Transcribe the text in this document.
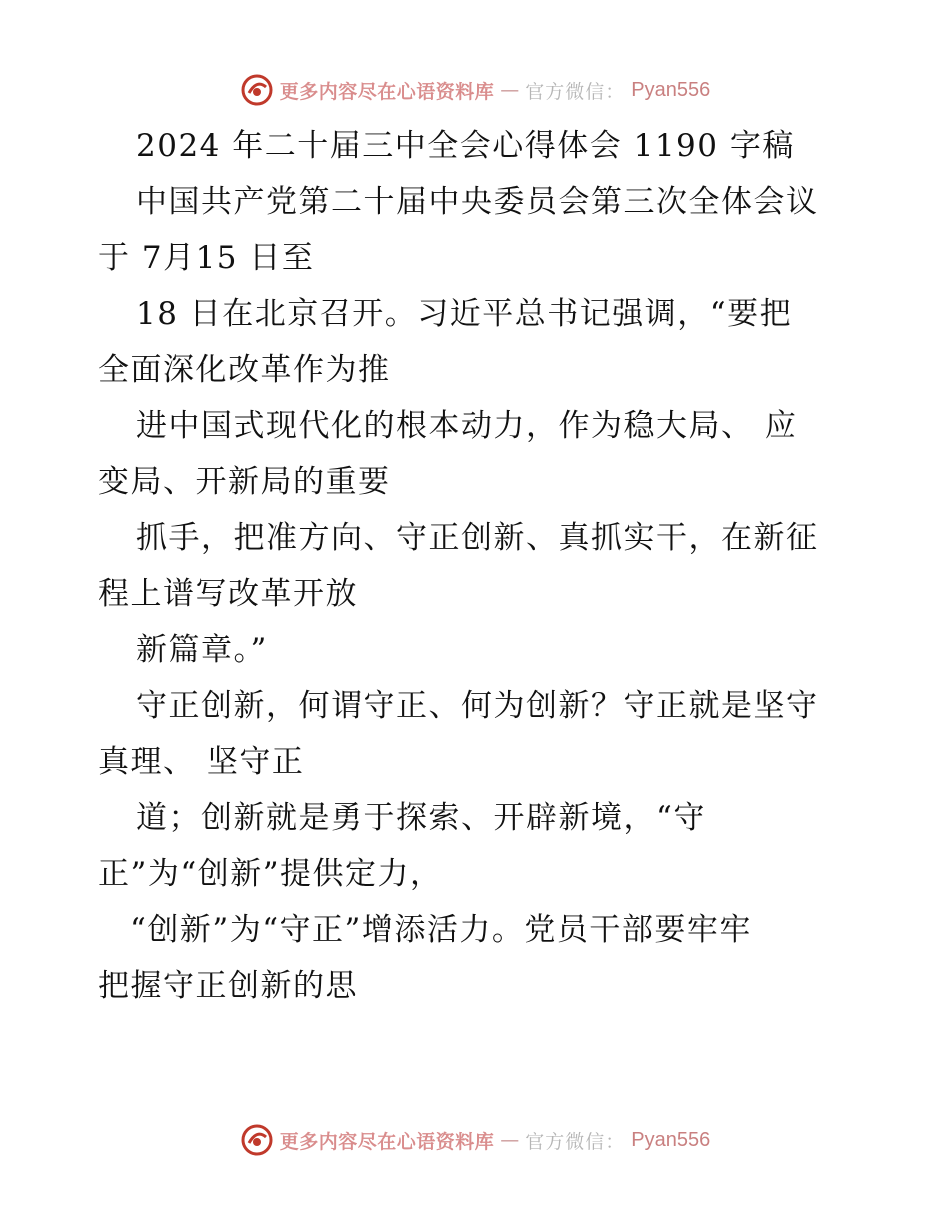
更多内容尽在心语资料库 — 官方微信： Pyan556
2024 年二十届三中全会心得体会 1190 字稿
中国共产党第二十届中央委员会第三次全体会议
于 7月15 日至
18 日在北京召开。习近平总书记强调，“要把
全面深化改革作为推
进中国式现代化的根本动力，作为稳大局、 应
变局、开新局的重要
抓手，把准方向、守正创新、真抓实干，在新征
程上谱写改革开放
新篇章。”
守正创新，何谓守正、何为创新？守正就是坚守
真理、 坚守正
道；创新就是勇于探索、开辟新境，“守
正”为“创新”提供定力，
“创新”为“守正”增添活力。党员干部要牢牢
把握守正创新的思
更多内容尽在心语资料库 — 官方微信： Pyan556
